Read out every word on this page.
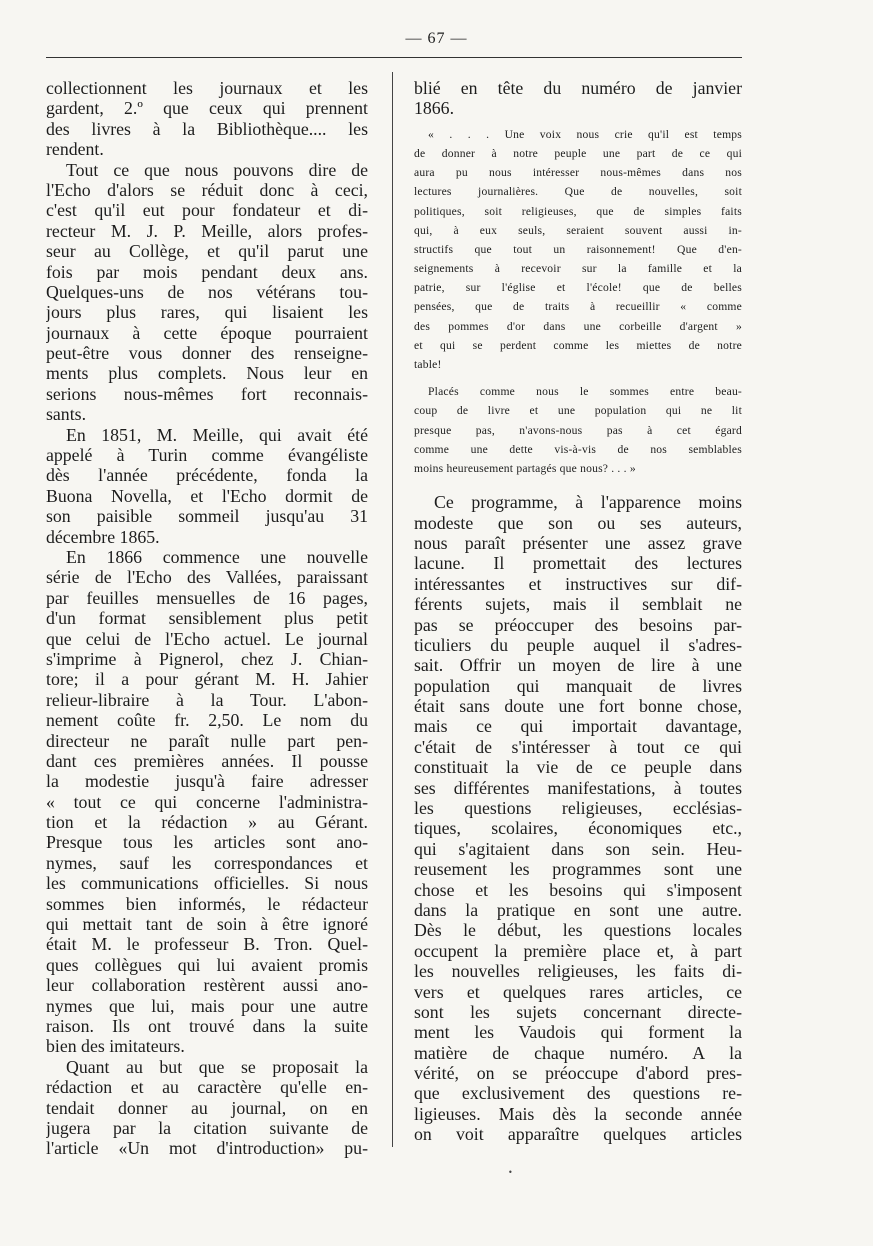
— 67 —
collectionnent les journaux et les
gardent, 2.º que ceux qui prennent
des livres à la Bibliothèque.... les
rendent.
Tout ce que nous pouvons dire de
l'Echo d'alors se réduit donc à ceci,
c'est qu'il eut pour fondateur et di-
recteur M. J. P. Meille, alors profes-
seur au Collège, et qu'il parut une
fois par mois pendant deux ans.
Quelques-uns de nos vétérans tou-
jours plus rares, qui lisaient les
journaux à cette époque pourraient
peut-être vous donner des renseigne-
ments plus complets. Nous leur en
serions nous-mêmes fort reconnais-
sants.
En 1851, M. Meille, qui avait été
appelé à Turin comme évangéliste
dès l'année précédente, fonda la
Buona Novella, et l'Echo dormit de
son paisible sommeil jusqu'au 31
décembre 1865.
En 1866 commence une nouvelle
série de l'Echo des Vallées, paraissant
par feuilles mensuelles de 16 pages,
d'un format sensiblement plus petit
que celui de l'Echo actuel. Le journal
s'imprime à Pignerol, chez J. Chian-
tore; il a pour gérant M. H. Jahier
relieur-libraire à la Tour. L'abon-
nement coûte fr. 2,50. Le nom du
directeur ne paraît nulle part pen-
dant ces premières années. Il pousse
la modestie jusqu'à faire adresser
« tout ce qui concerne l'administra-
tion et la rédaction » au Gérant.
Presque tous les articles sont ano-
nymes, sauf les correspondances et
les communications officielles. Si nous
sommes bien informés, le rédacteur
qui mettait tant de soin à être ignoré
était M. le professeur B. Tron. Quel-
ques collègues qui lui avaient promis
leur collaboration restèrent aussi ano-
nymes que lui, mais pour une autre
raison. Ils ont trouvé dans la suite
bien des imitateurs.
Quant au but que se proposait la
rédaction et au caractère qu'elle en-
tendait donner au journal, on en
jugera par la citation suivante de
l'article «Un mot d'introduction» pu-
blié en tête du numéro de janvier
1866.
« . . . Une voix nous crie qu'il est temps
de donner à notre peuple une part de ce qui
aura pu nous intéresser nous-mêmes dans nos
lectures journalières. Que de nouvelles, soit
politiques, soit religieuses, que de simples faits
qui, à eux seuls, seraient souvent aussi in-
structifs que tout un raisonnement! Que d'en-
seignements à recevoir sur la famille et la
patrie, sur l'église et l'école! que de belles
pensées, que de traits à recueillir « comme
des pommes d'or dans une corbeille d'argent »
et qui se perdent comme les miettes de notre
table!
Placés comme nous le sommes entre beau-
coup de livre et une population qui ne lit
presque pas, n'avons-nous pas à cet égard
comme une dette vis-à-vis de nos semblables
moins heureusement partagés que nous? . . . »
Ce programme, à l'apparence moins
modeste que son ou ses auteurs,
nous paraît présenter une assez grave
lacune. Il promettait des lectures
intéressantes et instructives sur dif-
férents sujets, mais il semblait ne
pas se préoccuper des besoins par-
ticuliers du peuple auquel il s'adres-
sait. Offrir un moyen de lire à une
population qui manquait de livres
était sans doute une fort bonne chose,
mais ce qui importait davantage,
c'était de s'intéresser à tout ce qui
constituait la vie de ce peuple dans
ses différentes manifestations, à toutes
les questions religieuses, ecclésias-
tiques, scolaires, économiques etc.,
qui s'agitaient dans son sein. Heu-
reusement les programmes sont une
chose et les besoins qui s'imposent
dans la pratique en sont une autre.
Dès le début, les questions locales
occupent la première place et, à part
les nouvelles religieuses, les faits di-
vers et quelques rares articles, ce
sont les sujets concernant directe-
ment les Vaudois qui forment la
matière de chaque numéro. A la
vérité, on se préoccupe d'abord pres-
que exclusivement des questions re-
ligieuses. Mais dès la seconde année
on voit apparaître quelques articles
•
